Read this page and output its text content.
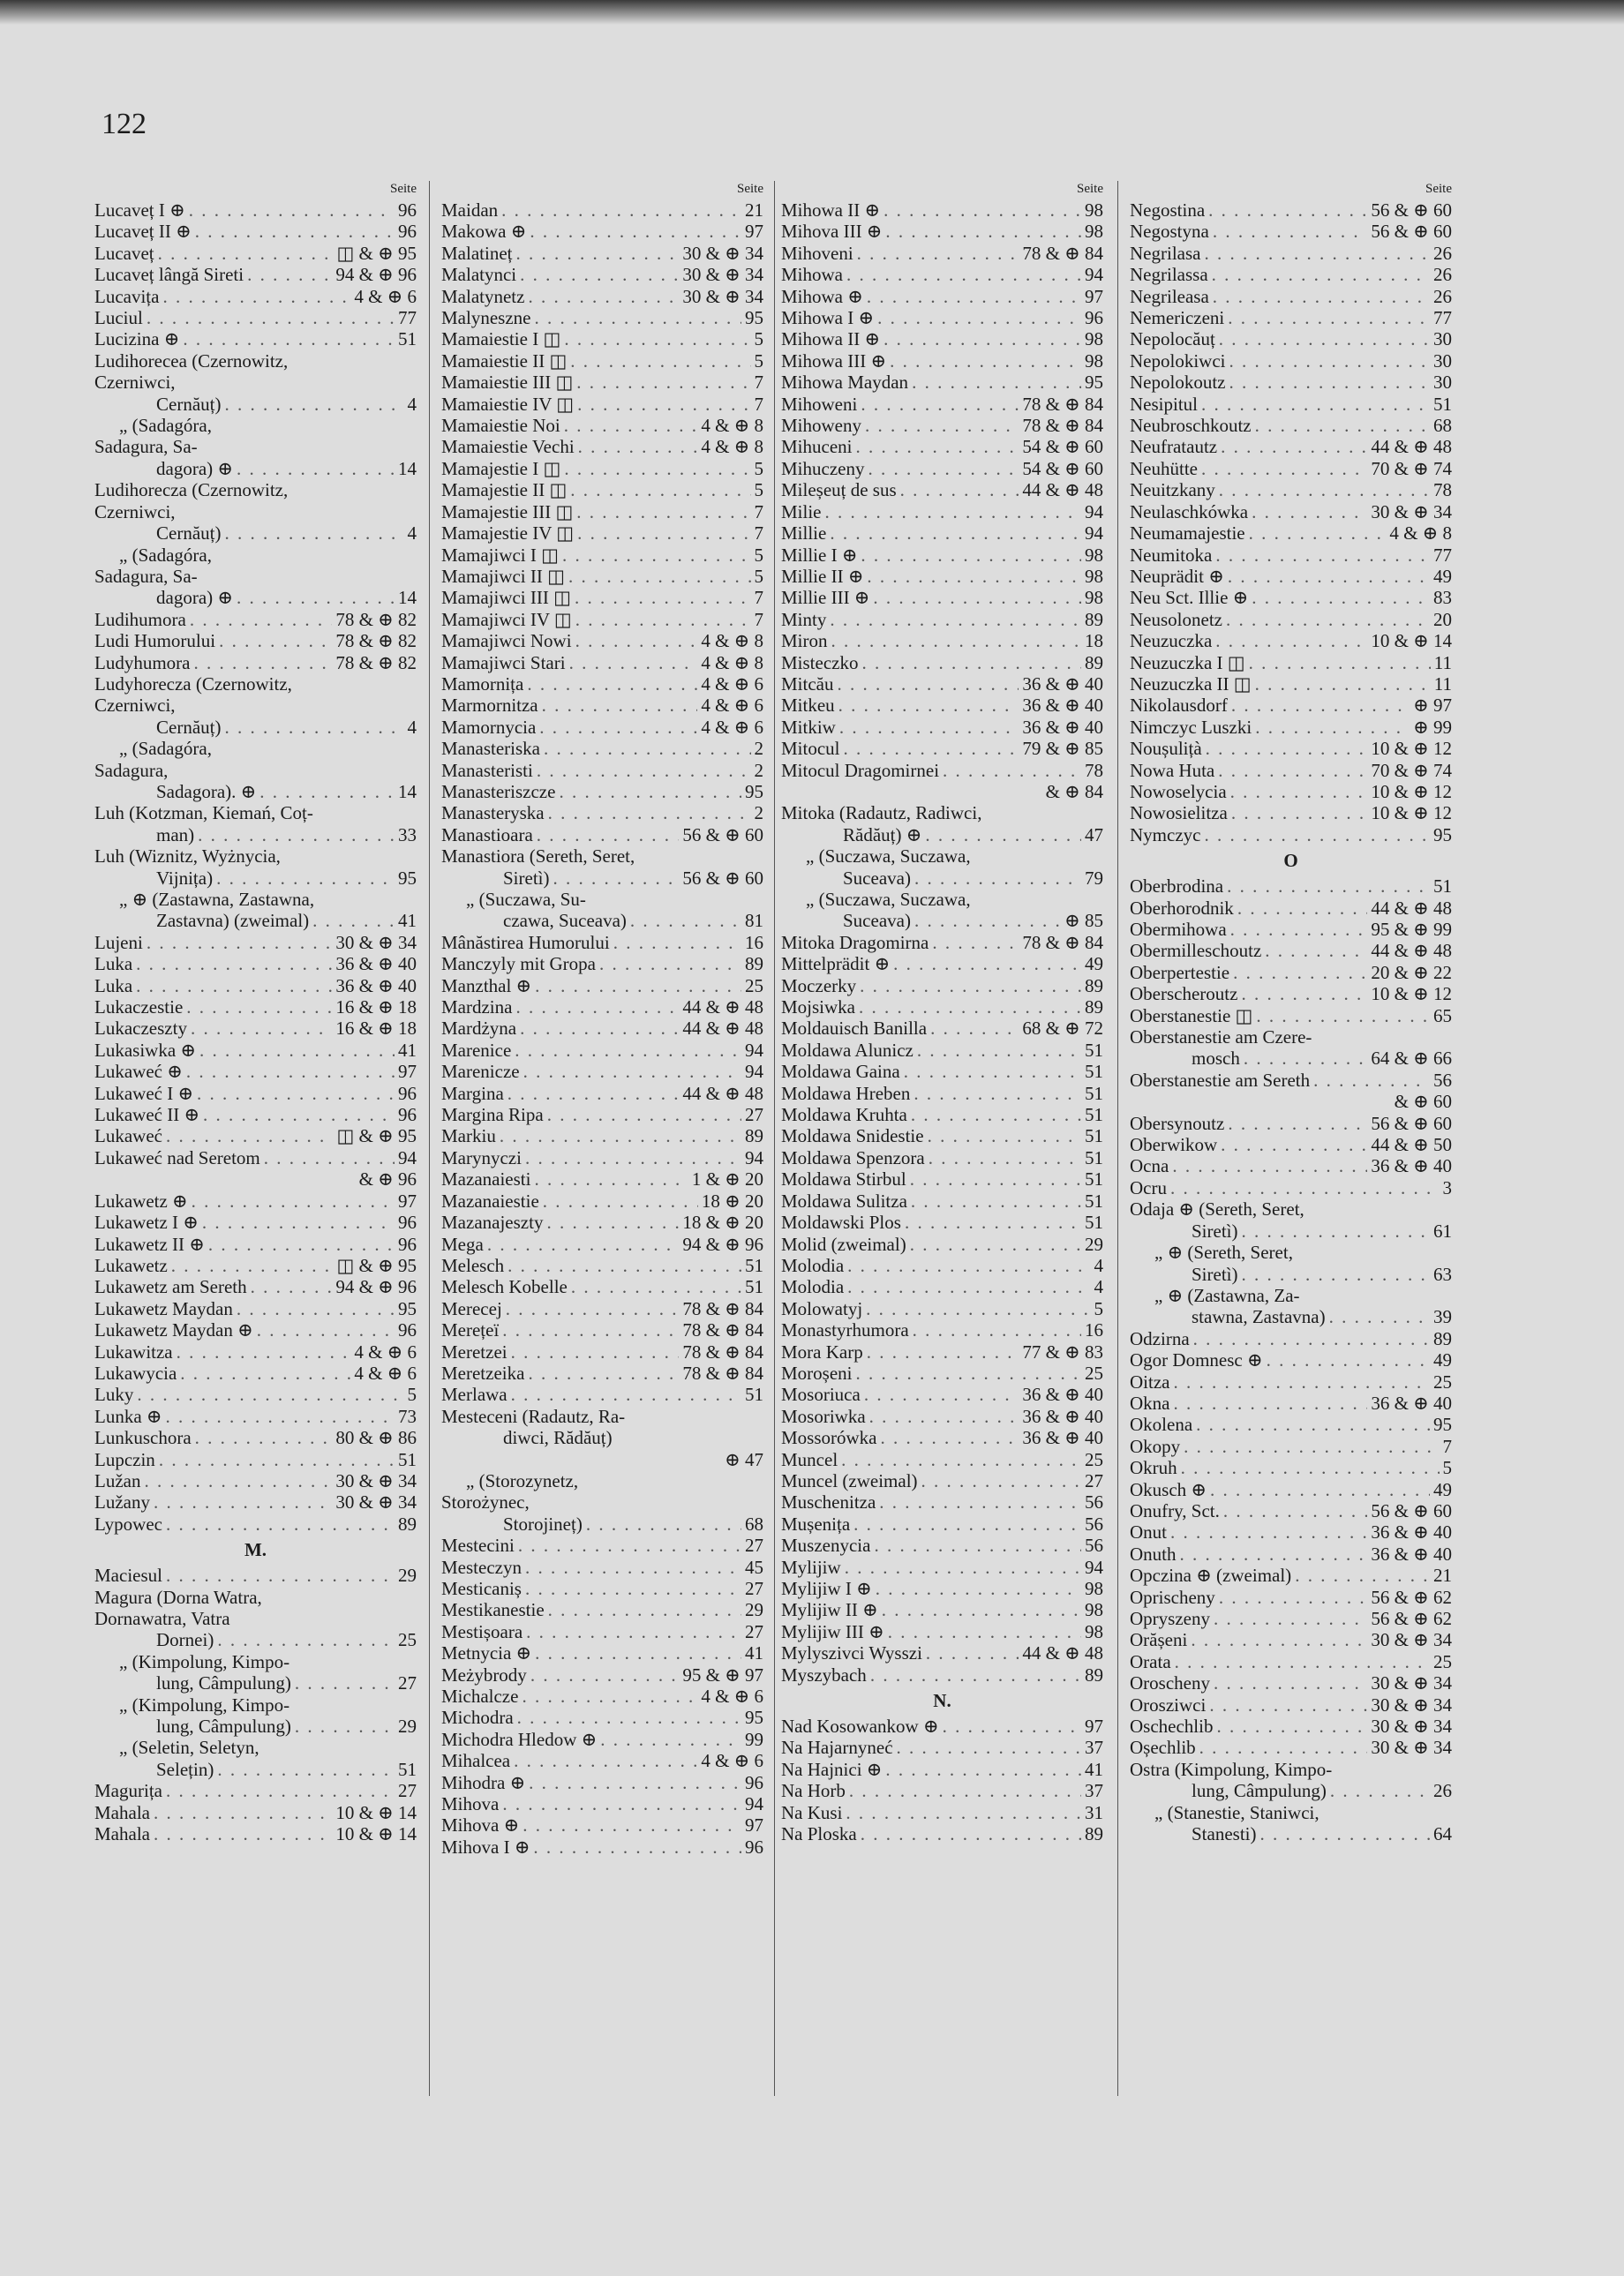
122
Seite
Lucaveț I ⊕ . . .	96
Lucaveț II ⊕ . . .	96
Lucaveț . . .	◫ & ⊕ 95
Lucaveț lângă Sireti . . .	94 & ⊕ 96
Lucavița . . .	4 & ⊕ 6
Luciul . . .	77
Lucizina ⊕ . . .	51
Ludihorecea (Czernowitz,
Czerniwci,
Cernăuț) . . .	4
„ (Sadagóra,
Sadagura, Sa-
dagora) ⊕ . . .	14
Ludihorecza (Czernowitz,
Czerniwci,
Cernăuț) . . .	4
„ (Sadagóra,
Sadagura, Sa-
dagora) ⊕ . . .	14
Ludihumora . . .	78 & ⊕ 82
Ludi Humorului . . .	78 & ⊕ 82
Ludyhumora . . .	78 & ⊕ 82
Ludyhorecza (Czernowitz,
Czerniwci,
Cernăuț) . . .	4
„ (Sadagóra,
Sadagura,
Sadagora). ⊕ . . .	14
Luh (Kotzman, Kiemań, Coț-
man) . . .	33
Luh (Wiznitz, Wyżnycia,
Vijnița) . . .	95
„ ⊕ (Zastawna, Zastawna,
Zastavna) (zweimal) . . .	41
Lujeni . . .	30 & ⊕ 34
Luka . . .	36 & ⊕ 40
Luka . . .	36 & ⊕ 40
Lukaczestie . . .	16 & ⊕ 18
Lukaczeszty . . .	16 & ⊕ 18
Lukasiwka ⊕ . . .	41
Lukaweć ⊕ . . .	97
Lukaweć I ⊕ . . .	96
Lukaweć II ⊕ . . .	96
Lukaweć . . .	◫ & ⊕ 95
Lukaweć nad Seretom . . .	94
& ⊕ 96
Lukawetz ⊕ . . .	97
Lukawetz I ⊕ . . .	96
Lukawetz II ⊕ . . .	96
Lukawetz . . .	◫ & ⊕ 95
Lukawetz am Sereth . . .	94 & ⊕ 96
Lukawetz Maydan . . .	95
Lukawetz Maydan ⊕ . . .	96
Lukawitza . . .	4 & ⊕ 6
Lukawycia . . .	4 & ⊕ 6
Luky . . .	5
Lunka ⊕ . . .	73
Lunkuschora . . .	80 & ⊕ 86
Lupczin . . .	51
Lužan . . .	30 & ⊕ 34
Lužany . . .	30 & ⊕ 34
Lypowec . . .	89
M.
Maciesul . . .	29
Magura (Dorna Watra,
Dornawatra, Vatra
Dornei) . . .	25
„ (Kimpolung, Kimpo-
lung, Câmpulung) . . .	27
„ (Kimpolung, Kimpo-
lung, Câmpulung) . . .	29
„ (Seletin, Seletyn,
Selețin) . . .	51
Magurița . . .	27
Mahala . . .	10 & ⊕ 14
Mahala . . .	10 & ⊕ 14
Seite
Maidan . . .	21
Makowa ⊕ . . .	97
Malatineț . . .	30 & ⊕ 34
Malatynci . . .	30 & ⊕ 34
Malatynetz . . .	30 & ⊕ 34
Malyneszne . . .	95
Mamaiestie I ◫ . . .	5
Mamaiestie II ◫ . . .	5
Mamaiestie III ◫ . . .	7
Mamaiestie IV ◫ . . .	7
Mamaiestie Noi . . .	4 & ⊕ 8
Mamaiestie Vechi . . .	4 & ⊕ 8
Mamajestie I ◫ . . .	5
Mamajestie II ◫ . . .	5
Mamajestie III ◫ . . .	7
Mamajestie IV ◫ . . .	7
Mamajiwci I ◫ . . .	5
Mamajiwci II ◫ . . .	5
Mamajiwci III ◫ . . .	7
Mamajiwci IV ◫ . . .	7
Mamajiwci Nowi . . .	4 & ⊕ 8
Mamajiwci Stari . . .	4 & ⊕ 8
Mamornița . . .	4 & ⊕ 6
Marmornitza . . .	4 & ⊕ 6
Mamornycia . . .	4 & ⊕ 6
Manasteriska . . .	2
Manasteristi . . .	2
Manasteriszcze . . .	95
Manasteryska . . .	2
Manastioara . . .	56 & ⊕ 60
Manastiora (Sereth, Seret,
Siretì) . . .	56 & ⊕ 60
„ (Suczawa, Su-
czawa, Suceava) . . .	81
Mânăstirea Humorului . . .	16
Manczyly mit Gropa . . .	89
Manzthal ⊕ . . .	25
Mardzina . . .	44 & ⊕ 48
Mardżyna . . .	44 & ⊕ 48
Marenice . . .	94
Marenicze . . .	94
Margina . . .	44 & ⊕ 48
Margina Ripa . . .	27
Markiu . . .	89
Marynyczi . . .	94
Mazanaiesti . . .	1 & ⊕ 20
Mazanaiestie . . .	18 ⊕ 20
Mazanajeszty . . .	18 & ⊕ 20
Mega . . .	94 & ⊕ 96
Melesch . . .	51
Melesch Kobelle . . .	51
Merecej . . .	78 & ⊕ 84
Merețeï . . .	78 & ⊕ 84
Meretzei . . .	78 & ⊕ 84
Meretzeika . . .	78 & ⊕ 84
Merlawa . . .	51
Mesteceni (Radautz, Ra-
diwci, Rădăuț)
⊕ 47
„ (Storozynetz,
Storożynec,
Storojineț) . . .	68
Mestecini . . .	27
Mesteczyn . . .	45
Mesticaniș . . .	27
Mestikanestie . . .	29
Mestișoara . . .	27
Metnycia ⊕ . . .	41
Meżybrody . . .	95 & ⊕ 97
Michalcze . . .	4 & ⊕ 6
Michodra . . .	95
Michodra Hledow ⊕ . . .	99
Mihalcea . . .	4 & ⊕ 6
Mihodra ⊕ . . .	96
Mihova . . .	94
Mihova ⊕ . . .	97
Mihova I ⊕ . . .	96
Seite
Mihowa II ⊕ . . .	98
Mihova III ⊕ . . .	98
Mihoveni . . .	78 & ⊕ 84
Mihowa . . .	94
Mihowa ⊕ . . .	97
Mihowa I ⊕ . . .	96
Mihowa II ⊕ . . .	98
Mihowa III ⊕ . . .	98
Mihowa Maydan . . .	95
Mihoweni . . .	78 & ⊕ 84
Mihoweny . . .	78 & ⊕ 84
Mihuceni . . .	54 & ⊕ 60
Mihuczeny . . .	54 & ⊕ 60
Mileșeuț de sus . . .	44 & ⊕ 48
Milie . . .	94
Millie . . .	94
Millie I ⊕ . . .	98
Millie II ⊕ . . .	98
Millie III ⊕ . . .	98
Minty . . .	89
Miron . . .	18
Misteczko . . .	89
Mitcău . . .	36 & ⊕ 40
Mitkeu . . .	36 & ⊕ 40
Mitkiw . . .	36 & ⊕ 40
Mitocul . . .	79 & ⊕ 85
Mitocul Dragomirnei . . .	78
& ⊕ 84
Mitoka (Radautz, Radiwci,
Rădăuț) ⊕ . . .	47
„ (Suczawa, Suczawa,
Suceava) . . .	79
„ (Suczawa, Suczawa,
Suceava) . . .	⊕ 85
Mitoka Dragomirna . . .	78 & ⊕ 84
Mittelprädit ⊕ . . .	49
Moczerky . . .	89
Mojsiwka . . .	89
Moldauisch Banilla . . .	68 & ⊕ 72
Moldawa Alunicz . . .	51
Moldawa Gaina . . .	51
Moldawa Hreben . . .	51
Moldawa Kruhta . . .	51
Moldawa Snidestie . . .	51
Moldawa Spenzora . . .	51
Moldawa Stirbul . . .	51
Moldawa Sulitza . . .	51
Moldawski Plos . . .	51
Molid (zweimal) . . .	29
Molodia . . .	4
Molodia . . .	4
Molowatyj . . .	5
Monastyrhumora . . .	16
Mora Karp . . .	77 & ⊕ 83
Moroșeni . . .	25
Mosoriuca . . .	36 & ⊕ 40
Mosoriwka . . .	36 & ⊕ 40
Mossorówka . . .	36 & ⊕ 40
Muncel . . .	25
Muncel (zweimal) . . .	27
Muschenitza . . .	56
Mușenița . . .	56
Muszenycia . . .	56
Mylijiw . . .	94
Mylijiw I ⊕ . . .	98
Mylijiw II ⊕ . . .	98
Mylijiw III ⊕ . . .	98
Mylyszivci Wysszi . . .	44 & ⊕ 48
Myszybach . . .	89
N.
Nad Kosowankow ⊕ . . .	97
Na Hajarnyneć . . .	37
Na Hajnici ⊕ . . .	41
Na Horb . . .	37
Na Kusi . . .	31
Na Ploska . . .	89
Seite
Negostina . . .	56 & ⊕ 60
Negostyna . . .	56 & ⊕ 60
Negrilasa . . .	26
Negrilassa . . .	26
Negrileasa . . .	26
Nemericzeni . . .	77
Nepolocăuț . . .	30
Nepolokiwci . . .	30
Nepolokoutz . . .	30
Nesipitul . . .	51
Neubroschkoutz . . .	68
Neufratautz . . .	44 & ⊕ 48
Neuhütte . . .	70 & ⊕ 74
Neuitzkany . . .	78
Neulaschkówka . . .	30 & ⊕ 34
Neumamajestie . . .	4 & ⊕ 8
Neumitoka . . .	77
Neuprädit ⊕ . . .	49
Neu Sct. Illie ⊕ . . .	83
Neusolonetz . . .	20
Neuzuczka . . .	10 & ⊕ 14
Neuzuczka I ◫ . . .	11
Neuzuczka II ◫ . . .	11
Nikolausdorf . . .	⊕ 97
Nimczyc Luszki . . .	⊕ 99
Noușulițà . . .	10 & ⊕ 12
Nowa Huta . . .	70 & ⊕ 74
Nowoselycia . . .	10 & ⊕ 12
Nowosielitza . . .	10 & ⊕ 12
Nymczyc . . .	95
O
Oberbrodina . . .	51
Oberhorodnik . . .	44 & ⊕ 48
Obermihowa . . .	95 & ⊕ 99
Obermilleschoutz . . .	44 & ⊕ 48
Oberpertestie . . .	20 & ⊕ 22
Oberscheroutz . . .	10 & ⊕ 12
Oberstanestie ◫ . . .	65
Oberstanestie am Czere-
mosch . . .	64 & ⊕ 66
Oberstanestie am Sereth . . .	56
& ⊕ 60
Obersynoutz . . .	56 & ⊕ 60
Oberwikow . . .	44 & ⊕ 50
Ocna . . .	36 & ⊕ 40
Ocru . . .	3
Odaja ⊕ (Sereth, Seret,
Siretì) . . .	61
„ ⊕ (Sereth, Seret,
Siretì) . . .	63
„ ⊕ (Zastawna, Za-
stawna, Zastavna) . . .	39
Odzirna . . .	89
Ogor Domnesc ⊕ . . .	49
Oitza . . .	25
Okna . . .	36 & ⊕ 40
Okolena . . .	95
Okopy . . .	7
Okruh . . .	5
Okusch ⊕ . . .	49
Onufry, Sct. . . .	56 & ⊕ 60
Onut . . .	36 & ⊕ 40
Onuth . . .	36 & ⊕ 40
Opczina ⊕ (zweimal) . . .	21
Oprischeny . . .	56 & ⊕ 62
Opryszeny . . .	56 & ⊕ 62
Orășeni . . .	30 & ⊕ 34
Orata . . .	25
Oroscheny . . .	30 & ⊕ 34
Orosziwci . . .	30 & ⊕ 34
Oschechlib . . .	30 & ⊕ 34
Oșechlib . . .	30 & ⊕ 34
Ostra (Kimpolung, Kimpo-
lung, Câmpulung) . . .	26
„ (Stanestie, Staniwci,
Stanesti) . . .	64
